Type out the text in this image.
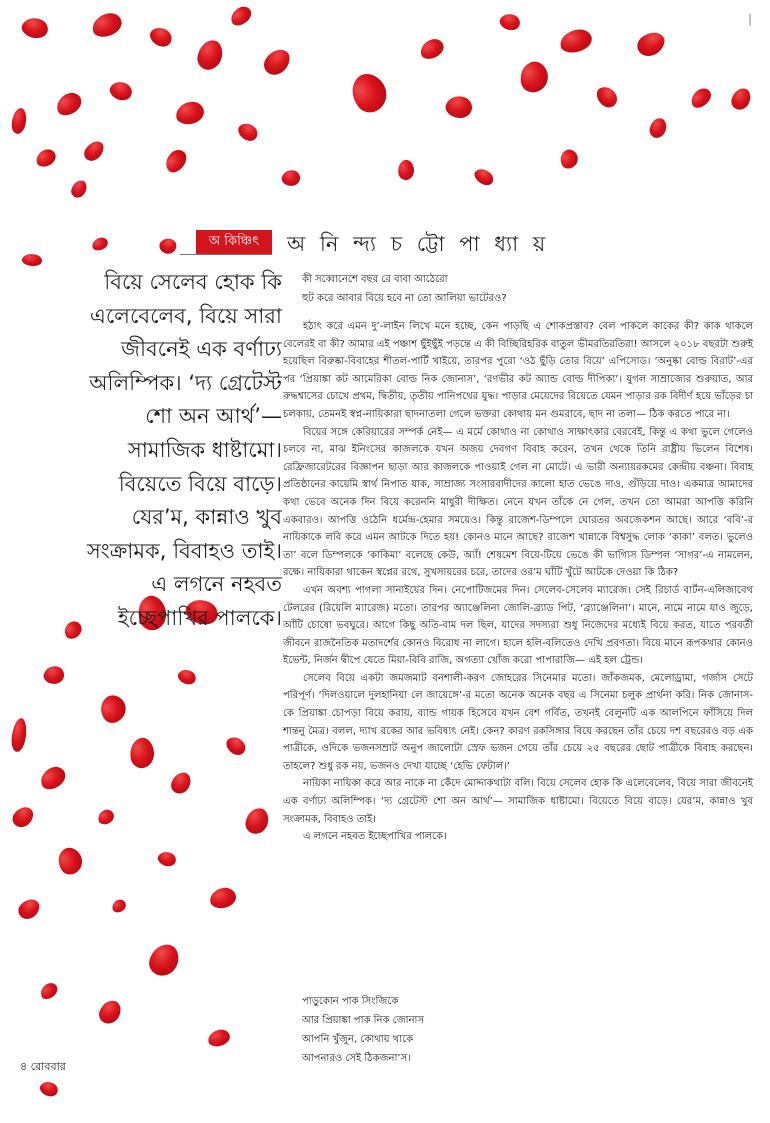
|
অ কিঞ্চিৎ	অ নি ন্দ্য চ ট্টো পা ধ্যা য়
বিয়ে সেলেব হোক কি
এলেবেলেব, বিয়ে সারা
জীবনেই এক বর্ণাঢ্য
অলিম্পিক। ‘দ্য গ্রেটেস্ট
শো অন আর্থ’—
সামাজিক ধাষ্টামো।
বিয়েতে বিয়ে বাড়ে।
যের’ম, কান্নাও খুব
সংক্রামক, বিবাহও তাই।
এ লগনে নহবত
ইচ্ছেপাখির পালকে।
কী সব্বোনেশে বছর রে বাবা আঠেরো
হুট করে আবার বিয়ে হবে না তো আলিয়া ভাটেরও?

হঠাৎ করে এমন দু’-লাইন লিখে মনে হচ্ছে, কেন পাড়ছি এ শোকপ্রস্তাব? বেল পাকলে কাকের কী? কাক থাকলে বেলেরই বা কী? আমার এই পঞ্চাশ ছুঁইছুঁই পড়ন্তে এ কী বিচ্ছিরিহরিক বাতুল ভীমরতিরতিরা! আসলে ২০১৮ বছরটা শুরুই হয়েছিল বিরুষ্কা-বিবাহের শীতল-পার্টি খাইয়ে, তারপর পুরো ‘ওঠ ছুঁড়ি তোর বিয়ে’ এপিসোড। ‘অনুষ্কা বোল্ড বিরাট’-এর পর ‘প্রিয়াঙ্কা কট আমেরিকা বোল্ড নিক জোনাস’, ‘রণভীর কট অ্যান্ড বোল্ড দীপিকা’। যুগল সাম্রাজ্যের শুরুয়াত, আর রুদ্ধশ্বাসের চোখে প্রথম, দ্বিতীয়, তৃতীয় পানিপথের যুদ্ধ। পাড়ার মেয়েদের বিয়েতে যেমন পাড়ার রক বিদীর্ণ হয়ে ভাঁড়ের চা চলকায়, তেমনই স্বপ্ন-নায়িকারা ছাদনাতলা গেলে ভক্তরা কোথায় মন গুমরাবে, ছাদ না তলা— ঠিক করতে পারে না।

বিয়ের সঙ্গে কেরিয়ারের সম্পর্ক নেই— এ মর্মে কোথাও না কোথাও সাক্ষাৎকার বেরবেই, কিন্তু এ কথা ভুলে গেলেও চলবে না, মাঝ ইনিংসের কাজলকে যখন অজয় দেবগণ বিবাহ করেন, তখন থেকে তিনি রাষ্ট্রীয় ভিলেন বিশেষ। রেফ্রিজারেটরের বিজ্ঞাপন ছাড়া আর কাজলকে পাওয়াই গেল না মোটে। এ ভারী অন্যায়রকমের কেন্দ্রীয় বঞ্চনা। বিবাহ প্রতিষ্ঠানের কায়েমি স্বার্থ নিপাত যাক, সাম্রাজ্য সংসারবাদীদের কালো হাত ভেঙে দাও, গুঁড়িয়ে দাও। একমাত্র আমাদের কথা ভেবে অনেক দিন বিয়ে করেননি মাধুরী দীক্ষিত। নেনে যখন তাঁকে নে গেল, তখন তো আমরা আপত্তি করিনি একবারও। আপত্তি ওঠেনি ধর্মেন্দ্র-হেমার সময়েও। কিন্তু রাজেশ-ডিম্পলে ঘোরতর অবজেকশন আছে। আরে ‘ববি’-র নায়িকাকে লবি করে এমন আটকে দিতে হয়! কোনও মানে আছে? রাজেশ খান্নাকে বিশ্বসুদ্ধ লোক ‘কাকা’ বলত। ভুলেও তা’ বলে ডিম্পলকে ‘কাকিমা’ বলেছে কেউ, অ্যাঁ! শেষমেশ বিয়ে-টিয়ে ভেঙে কী ভাগ্যিস ডিম্পল ‘সাগর’-এ নামলেন, রক্ষে। নায়িকারা থাকেন স্বপ্নের রথে, সুখসায়রের চরে, তাদের ওর’ম ঘাঁটি খুঁটে আটকে দেওয়া কি ঠিক?

এখন অবশ্য পাগলা সানাইয়ের দিন। নেপোটিজমের দিন। সেলেব-সেলেব ম্যারেজ। সেই রিচার্ড বার্টন-এলিজাবেথ টেলরের (রিয়েলি ম্যারেজ) মতো। তারপর অ্যাঞ্জেলিনা জোলি-ব্র্যাড পিট, ‘ব্র্যাঞ্জেলিনা’। মানে, নামে নামে যাও জুড়ে, আঁটি চোষো ভবঘুরে। আগে কিছু অতি-বাম দল ছিল, যাদের সদস্যরা শুধু নিজেদের মধ্যেই বিয়ে করত, যাতে পরবর্তী জীবনে রাজনৈতিক মতাদর্শের কোনও বিরোধ না লাগে। হালে হলি-বলিতেও দেখি প্রবণতা। বিয়ে মানে রূপকথার কোনও ইভেন্ট, নির্জন দ্বীপে যেতে মিয়া-বিবি রাজি, অগত্যা খোঁজ করো পাপারাজি— এই হল ট্রেন্ড।

সেলেব বিয়ে একটা জমজমাট বনশালী-করণ জোহরের সিনেমার মতো। জাঁকজমক, মেলোড্রামা, গর্জাস সেটে পরিপূর্ণ। ‘দিলওয়ালে দুলহানিয়া লে জায়েঙ্গে’-র মতো অনেক অনেক বছর এ সিনেমা চলুক প্রার্থনা করি। নিক জোনাস-কে প্রিয়াঙ্কা চোপড়া বিয়ে করায়, ব্যান্ড গায়ক হিসেবে যখন বেশ গর্বিত, তখনই বেলুনটি এক আলপিনে ফাঁসিয়ে দিল শান্তনু মৈত্র। বলল, দ্যাখ রকের আর ভবিষ্যৎ নেই। কেন? কারণ রকসিঙ্গার বিয়ে করছেন তাঁর চেয়ে দশ বছরেরও বড় এক পাত্রীকে, ওদিকে ভজনসম্রাট অনুপ জালোটা স্রেফ ভজন গেয়ে তাঁর চেয়ে ২৫ বছরের ছোট পাত্রীকে বিবাহ করছেন। তাহলে? শুধু রক নয়, ভজনও দেখা যাচ্ছে ‘হেভি ফেটাল।’

নায়িকা নায়িকা করে আর নাকে না কেঁদে মোদ্দাকথাটা বলি। বিয়ে সেলেব হোক কি এলেবেলেব, বিয়ে সারা জীবনেই এক বর্ণাঢ্য অলিম্পিক। ‘দ্য গ্রেটেস্ট শো অন আর্থ’— সামাজিক ধাষ্টামো। বিয়েতে বিয়ে বাড়ে। যের’ম, কান্নাও খুব সংক্রামক, বিবাহও তাই।

এ লগনে নহবত ইচ্ছেপাখির পালকে।

পাড়ুকোন পাক সিংজিকে
আর প্রিয়াঙ্কা পাক নিক জোনাস
আপনি খুঁজুন, কোথায় থাকে
আপনারও সেই ঠিকজনা’স।
৪ রোববার
